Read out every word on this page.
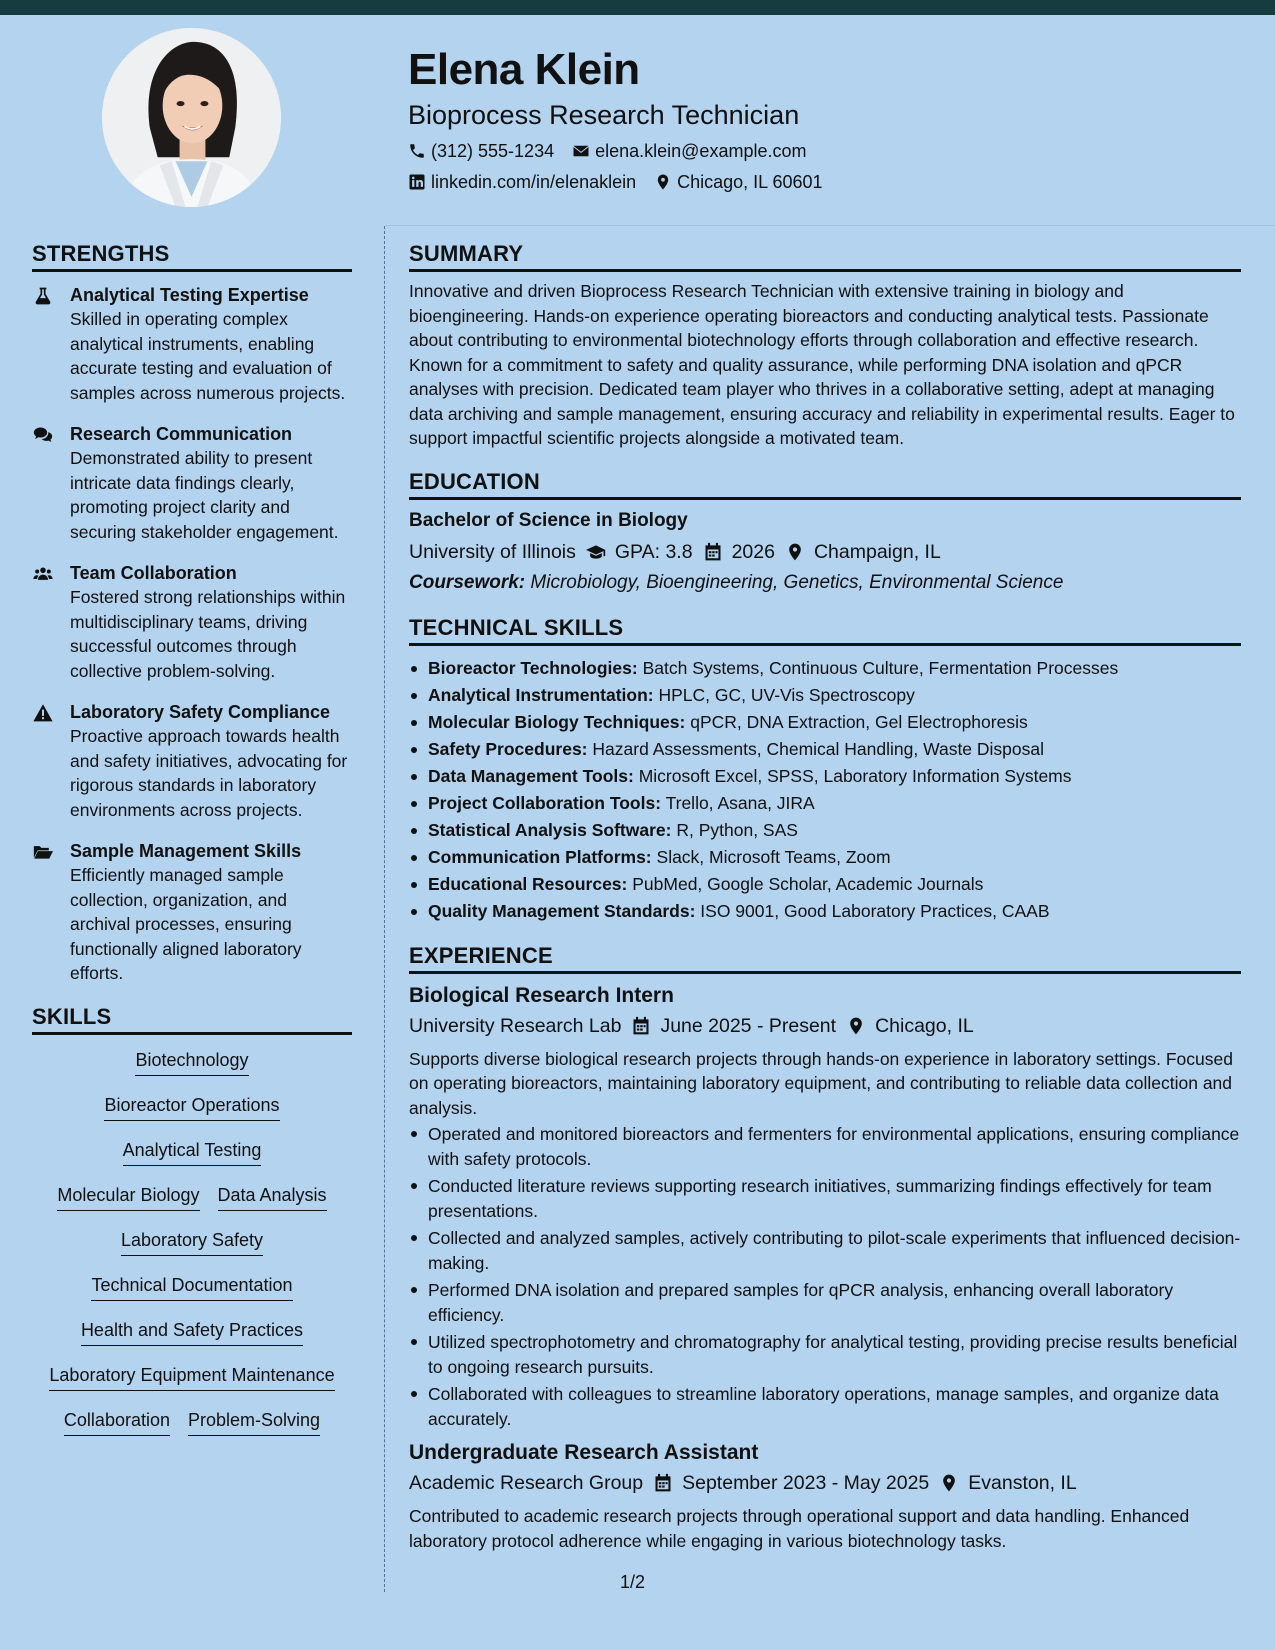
Elena Klein
Bioprocess Research Technician
(312) 555-1234 elena.klein@example.com
linkedin.com/in/elenaklein Chicago, IL 60601
STRENGTHS
Analytical Testing Expertise
Skilled in operating complex analytical instruments, enabling accurate testing and evaluation of samples across numerous projects.
Research Communication
Demonstrated ability to present intricate data findings clearly, promoting project clarity and securing stakeholder engagement.
Team Collaboration
Fostered strong relationships within multidisciplinary teams, driving successful outcomes through collective problem-solving.
Laboratory Safety Compliance
Proactive approach towards health and safety initiatives, advocating for rigorous standards in laboratory environments across projects.
Sample Management Skills
Efficiently managed sample collection, organization, and archival processes, ensuring functionally aligned laboratory efforts.
SKILLS
Biotechnology
Bioreactor Operations
Analytical Testing
Molecular Biology Data Analysis
Laboratory Safety
Technical Documentation
Health and Safety Practices
Laboratory Equipment Maintenance
Collaboration Problem-Solving
SUMMARY
Innovative and driven Bioprocess Research Technician with extensive training in biology and bioengineering. Hands-on experience operating bioreactors and conducting analytical tests. Passionate about contributing to environmental biotechnology efforts through collaboration and effective research. Known for a commitment to safety and quality assurance, while performing DNA isolation and qPCR analyses with precision. Dedicated team player who thrives in a collaborative setting, adept at managing data archiving and sample management, ensuring accuracy and reliability in experimental results. Eager to support impactful scientific projects alongside a motivated team.
EDUCATION
Bachelor of Science in Biology
University of Illinois GPA: 3.8 2026 Champaign, IL
Coursework: Microbiology, Bioengineering, Genetics, Environmental Science
TECHNICAL SKILLS
Bioreactor Technologies: Batch Systems, Continuous Culture, Fermentation Processes
Analytical Instrumentation: HPLC, GC, UV-Vis Spectroscopy
Molecular Biology Techniques: qPCR, DNA Extraction, Gel Electrophoresis
Safety Procedures: Hazard Assessments, Chemical Handling, Waste Disposal
Data Management Tools: Microsoft Excel, SPSS, Laboratory Information Systems
Project Collaboration Tools: Trello, Asana, JIRA
Statistical Analysis Software: R, Python, SAS
Communication Platforms: Slack, Microsoft Teams, Zoom
Educational Resources: PubMed, Google Scholar, Academic Journals
Quality Management Standards: ISO 9001, Good Laboratory Practices, CAAB
EXPERIENCE
Biological Research Intern
University Research Lab June 2025 - Present Chicago, IL
Supports diverse biological research projects through hands-on experience in laboratory settings. Focused on operating bioreactors, maintaining laboratory equipment, and contributing to reliable data collection and analysis.
Operated and monitored bioreactors and fermenters for environmental applications, ensuring compliance with safety protocols.
Conducted literature reviews supporting research initiatives, summarizing findings effectively for team presentations.
Collected and analyzed samples, actively contributing to pilot-scale experiments that influenced decision-making.
Performed DNA isolation and prepared samples for qPCR analysis, enhancing overall laboratory efficiency.
Utilized spectrophotometry and chromatography for analytical testing, providing precise results beneficial to ongoing research pursuits.
Collaborated with colleagues to streamline laboratory operations, manage samples, and organize data accurately.
Undergraduate Research Assistant
Academic Research Group September 2023 - May 2025 Evanston, IL
Contributed to academic research projects through operational support and data handling. Enhanced laboratory protocol adherence while engaging in various biotechnology tasks.
1/2
